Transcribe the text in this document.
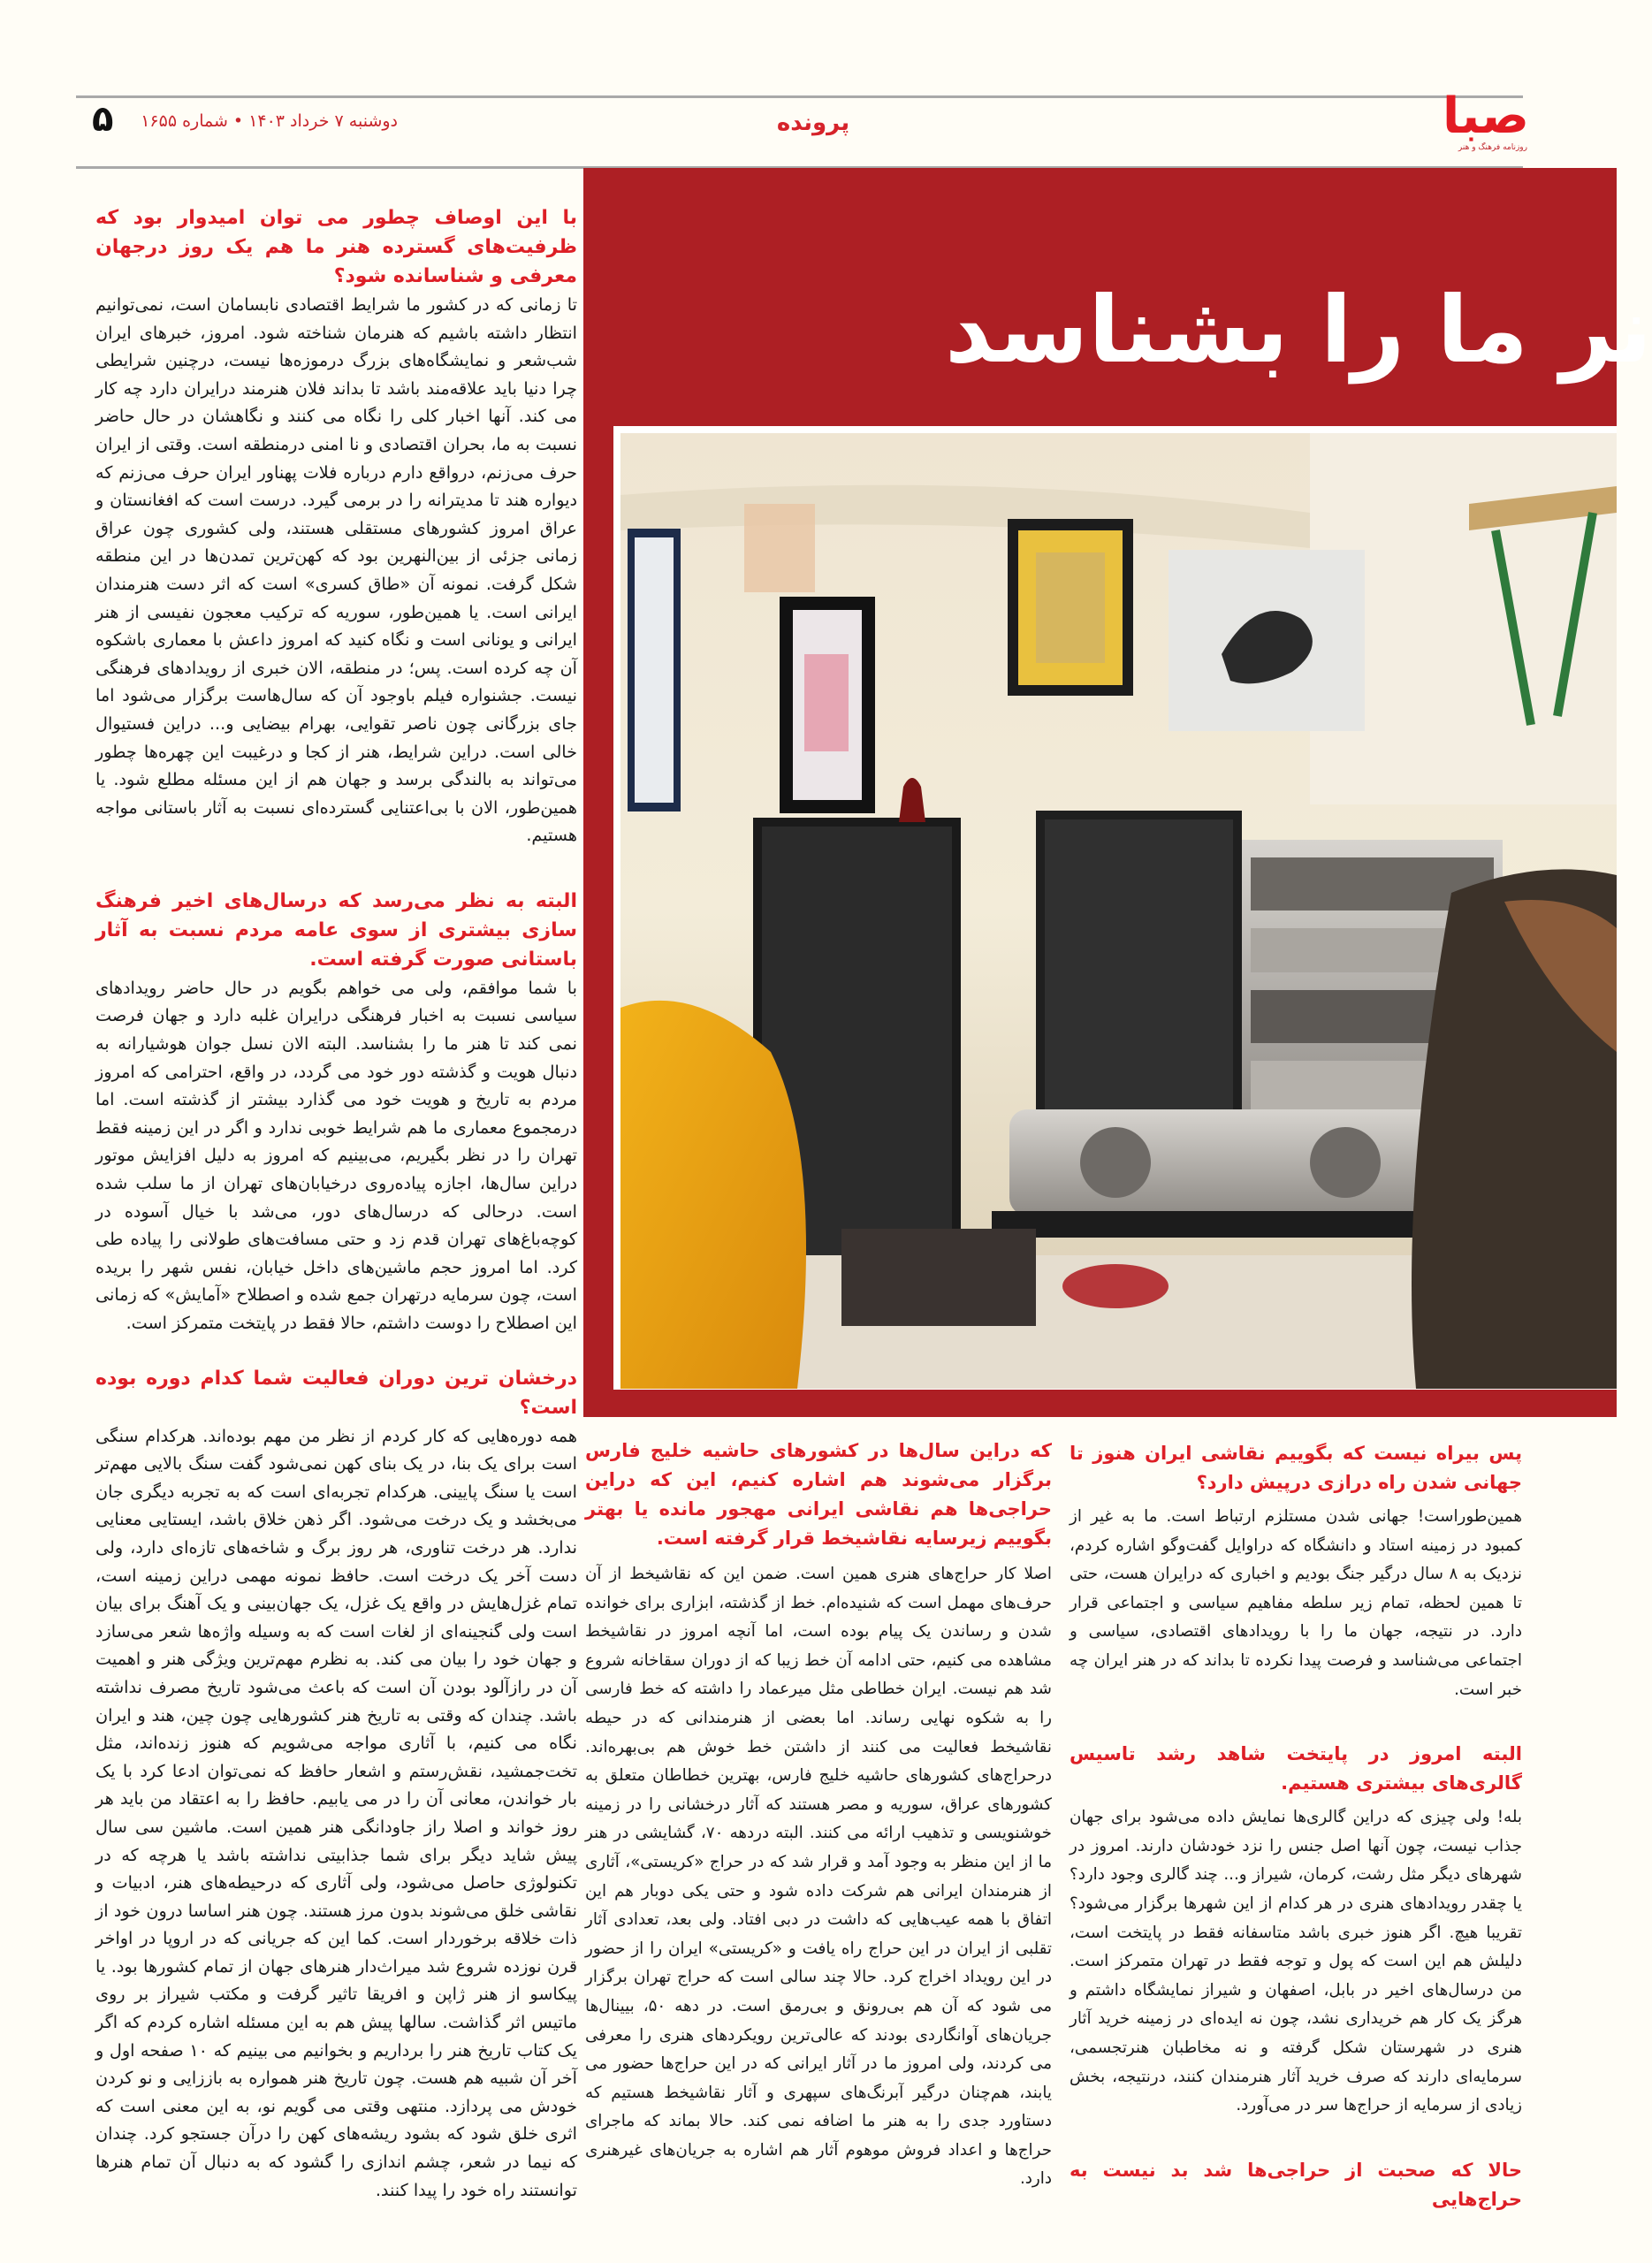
صبا
روزنامه فرهنگ و هنر
پرونده
دوشنبه ۷ خرداد ۱۴۰۳ • شماره ۱۶۵۵
۵
نر ما را بشناسد

با این اوصاف چطور می توان امیدوار بود که ظرفیت‌های گسترده هنر ما هم یک روز درجهان معرفی و شناسانده شود؟

تا زمانی که در کشور ما شرایط اقتصادی نابسامان است، نمی‌توانیم انتظار داشته باشیم که هنرمان شناخته شود. امروز، خبرهای ایران شب‌شعر و نمایشگاه‌های بزرگ درموزه‌ها نیست، درچنین شرایطی چرا دنیا باید علاقه‌مند باشد تا بداند فلان هنرمند درایران دارد چه کار می کند. آنها اخبار کلی را نگاه می کنند و نگاهشان در حال حاضر نسبت به ما، بحران اقتصادی و نا امنی درمنطقه است. وقتی از ایران حرف می‌زنم، درواقع دارم درباره فلات پهناور ایران حرف می‌زنم که دیواره هند تا مدیترانه را در برمی گیرد. درست است که افغانستان و عراق امروز کشورهای مستقلی هستند، ولی کشوری چون عراق زمانی جزئی از بین‌النهرین بود که کهن‌ترین تمدن‌ها در این منطقه شکل گرفت. نمونه آن «طاق کسری» است که اثر دست هنرمندان ایرانی است. یا همین‌طور، سوریه که ترکیب معجون نفیسی از هنر ایرانی و یونانی است و نگاه کنید که امروز داعش با معماری باشکوه آن چه کرده است. پس؛ در منطقه، الان خبری از رویدادهای فرهنگی نیست. جشنواره فیلم باوجود آن که سال‌هاست برگزار می‌شود اما جای بزرگانی چون ناصر تقوایی، بهرام بیضایی و... دراین فستیوال خالی است. دراین شرایط، هنر از کجا و درغیبت این چهره‌ها چطور می‌تواند به بالندگی برسد و جهان هم از این مسئله مطلع شود. یا همین‌طور، الان با بی‌اعتنایی گسترده‌ای نسبت به آثار باستانی مواجه هستیم.

البته به نظر می‌رسد که درسال‌های اخیر فرهنگ سازی بیشتری از سوی عامه مردم نسبت به آثار باستانی صورت گرفته است.

با شما موافقم، ولی می خواهم بگویم در حال حاضر رویدادهای سیاسی نسبت به اخبار فرهنگی درایران غلبه دارد و جهان فرصت نمی کند تا هنر ما را بشناسد. البته الان نسل جوان هوشیارانه به دنبال هویت و گذشته دور خود می گردد، در واقع، احترامی که امروز مردم به تاریخ و هویت خود می گذارد بیشتر از گذشته است. اما درمجموع معماری ما هم شرایط خوبی ندارد و اگر در این زمینه فقط تهران را در نظر بگیریم، می‌بینیم که امروز به دلیل افزایش موتور دراین سال‌ها، اجازه پیاده‌روی درخیابان‌های تهران از ما سلب شده است. درحالی که درسال‌های دور، می‌شد با خیال آسوده در کوچه‌باغ‌های تهران قدم زد و حتی مسافت‌های طولانی را پیاده طی کرد. اما امروز حجم ماشین‌های داخل خیابان، نفس شهر را بریده است، چون سرمایه درتهران جمع شده و اصطلاح «آمایش» که زمانی این اصطلاح را دوست داشتم، حالا فقط در پایتخت متمرکز است.

درخشان ترین دوران فعالیت شما کدام دوره بوده است؟

همه دوره‌هایی که کار کردم از نظر من مهم بوده‌اند. هرکدام سنگی است برای یک بنا، در یک بنای کهن نمی‌شود گفت سنگ بالایی مهم‌تر است یا سنگ پایینی. هرکدام تجربه‌ای است که به تجربه دیگری جان می‌بخشد و یک درخت می‌شود. اگر ذهن خلاق باشد، ایستایی معنایی ندارد. هر درخت تناوری، هر روز برگ و شاخه‌های تازه‌ای دارد، ولی دست آخر یک درخت است. حافظ نمونه مهمی دراین زمینه است، تمام غزل‌هایش در واقع یک غزل، یک جهان‌بینی و یک آهنگ برای بیان است ولی گنجینه‌ای از لغات است که به وسیله واژه‌ها شعر می‌سازد و جهان خود را بیان می کند. به نظرم مهم‌ترین ویژگی هنر و اهمیت آن در رازآلود بودن آن است که باعث می‌شود تاریخ مصرف نداشته باشد. چندان که وقتی به تاریخ هنر کشورهایی چون چین، هند و ایران نگاه می کنیم، با آثاری مواجه می‌شویم که هنوز زنده‌اند، مثل تخت‌جمشید، نقش‌رستم و اشعار حافظ که نمی‌توان ادعا کرد با یک بار خواندن، معانی آن را در می یابیم. حافظ را به اعتقاد من باید هر روز خواند و اصلا راز جاودانگی هنر همین است. ماشین سی سال پیش شاید دیگر برای شما جذابیتی نداشته باشد یا هرچه که در تکنولوژی حاصل می‌شود، ولی آثاری که درحیطه‌های هنر، ادبیات و نقاشی خلق می‌شوند بدون مرز هستند. چون هنر اساسا درون خود از ذات خلاقه برخوردار است. کما این که جریانی که در اروپا در اواخر قرن نوزده شروع شد میراث‌دار هنرهای جهان از تمام کشورها بود. یا پیکاسو از هنر ژاپن و افریقا تاثیر گرفت و مکتب شیراز بر روی ماتیس اثر گذاشت. سالها پیش هم به این مسئله اشاره کردم که اگر یک کتاب تاریخ هنر را برداریم و بخوانیم می بینیم که ۱۰ صفحه اول و آخر آن شبیه هم هست. چون تاریخ هنر همواره به باززایی و نو کردن خودش می پردازد. منتهی وقتی می گویم نو، به این معنی است که اثری خلق شود که بشود ریشه‌های کهن را درآن جستجو کرد. چندان که نیما در شعر، چشم اندازی را گشود که به دنبال آن تمام هنرها توانستند راه خود را پیدا کنند.

که دراین سال‌ها در کشورهای حاشیه خلیج فارس برگزار می‌شوند هم اشاره کنیم، این که دراین حراجی‌ها هم نقاشی ایرانی مهجور مانده یا بهتر بگوییم زیرسایه نقاشیخط قرار گرفته است.

اصلا کار حراج‌های هنری همین است. ضمن این که نقاشیخط از آن حرف‌های مهمل است که شنیده‌ام. خط از گذشته، ابزاری برای خوانده شدن و رساندن یک پیام بوده است، اما آنچه امروز در نقاشیخط مشاهده می کنیم، حتی ادامه آن خط زیبا که از دوران سقاخانه شروع شد هم نیست. ایران خطاطی مثل میرعماد را داشته که خط فارسی را به شکوه نهایی رساند. اما بعضی از هنرمندانی که در حیطه نقاشیخط فعالیت می کنند از داشتن خط خوش هم بی‌بهره‌اند. درحراج‌های کشورهای حاشیه خلیج فارس، بهترین خطاطان متعلق به کشورهای عراق، سوریه و مصر هستند که آثار درخشانی را در زمینه خوشنویسی و تذهیب ارائه می کنند. البته دردهه ۷۰، گشایشی در هنر ما از این منظر به وجود آمد و قرار شد که در حراج «کریستی»، آثاری از هنرمندان ایرانی هم شرکت داده شود و حتی یکی دوبار هم این اتفاق با همه عیب‌هایی که داشت در دبی افتاد. ولی بعد، تعدادی آثار تقلبی از ایران در این حراج راه یافت و «کریستی» ایران را از حضور در این رویداد اخراج کرد. حالا چند سالی است که حراج تهران برگزار می شود که آن هم بی‌رونق و بی‌رمق است. در دهه ۵۰، بیینال‌ها جریان‌های آوانگاردی بودند که عالی‌ترین رویکردهای هنری را معرفی می کردند، ولی امروز ما در آثار ایرانی که در این حراج‌ها حضور می یابند، هم‌چنان درگیر آبرنگ‌های سپهری و آثار نقاشیخط هستیم که دستاورد جدی را به هنر ما اضافه نمی کند. حالا بماند که ماجرای حراج‌ها و اعداد فروش موهوم آثار هم اشاره به جریان‌های غیرهنری دارد.

پس بیراه نیست که بگوییم نقاشی ایران هنوز تا جهانی شدن راه درازی درپیش دارد؟

همین‌طوراست! جهانی شدن مستلزم ارتباط است. ما به غیر از کمبود در زمینه استاد و دانشگاه که دراوایل گفت‌وگو اشاره کردم، نزدیک به ۸ سال درگیر جنگ بودیم و اخباری که درایران هست، حتی تا همین لحظه، تمام زیر سلطه مفاهیم سیاسی و اجتماعی قرار دارد. در نتیجه، جهان ما را با رویدادهای اقتصادی، سیاسی و اجتماعی می‌شناسد و فرصت پیدا نکرده تا بداند که در هنر ایران چه خبر است.

البته امروز در پایتخت شاهد رشد تاسیس گالری‌های بیشتری هستیم.

بله! ولی چیزی که دراین گالری‌ها نمایش داده می‌شود برای جهان جذاب نیست، چون آنها اصل جنس را نزد خودشان دارند. امروز در شهرهای دیگر مثل رشت، کرمان، شیراز و... چند گالری وجود دارد؟ یا چقدر رویدادهای هنری در هر کدام از این شهرها برگزار می‌شود؟ تقریبا هیچ. اگر هنوز خبری باشد متاسفانه فقط در پایتخت است، دلیلش هم این است که پول و توجه فقط در تهران متمرکز است. من درسال‌های اخیر در بابل، اصفهان و شیراز نمایشگاه داشتم و هرگز یک کار هم خریداری نشد، چون نه ایده‌ای در زمینه خرید آثار هنری در شهرستان شکل گرفته و نه مخاطبان هنرتجسمی، سرمایه‌ای دارند که صرف خرید آثار هنرمندان کنند، درنتیجه، بخش زیادی از سرمایه از حراج‌ها سر در می‌آورد.

حالا که صحبت از حراجی‌ها شد بد نیست به حراج‌هایی
